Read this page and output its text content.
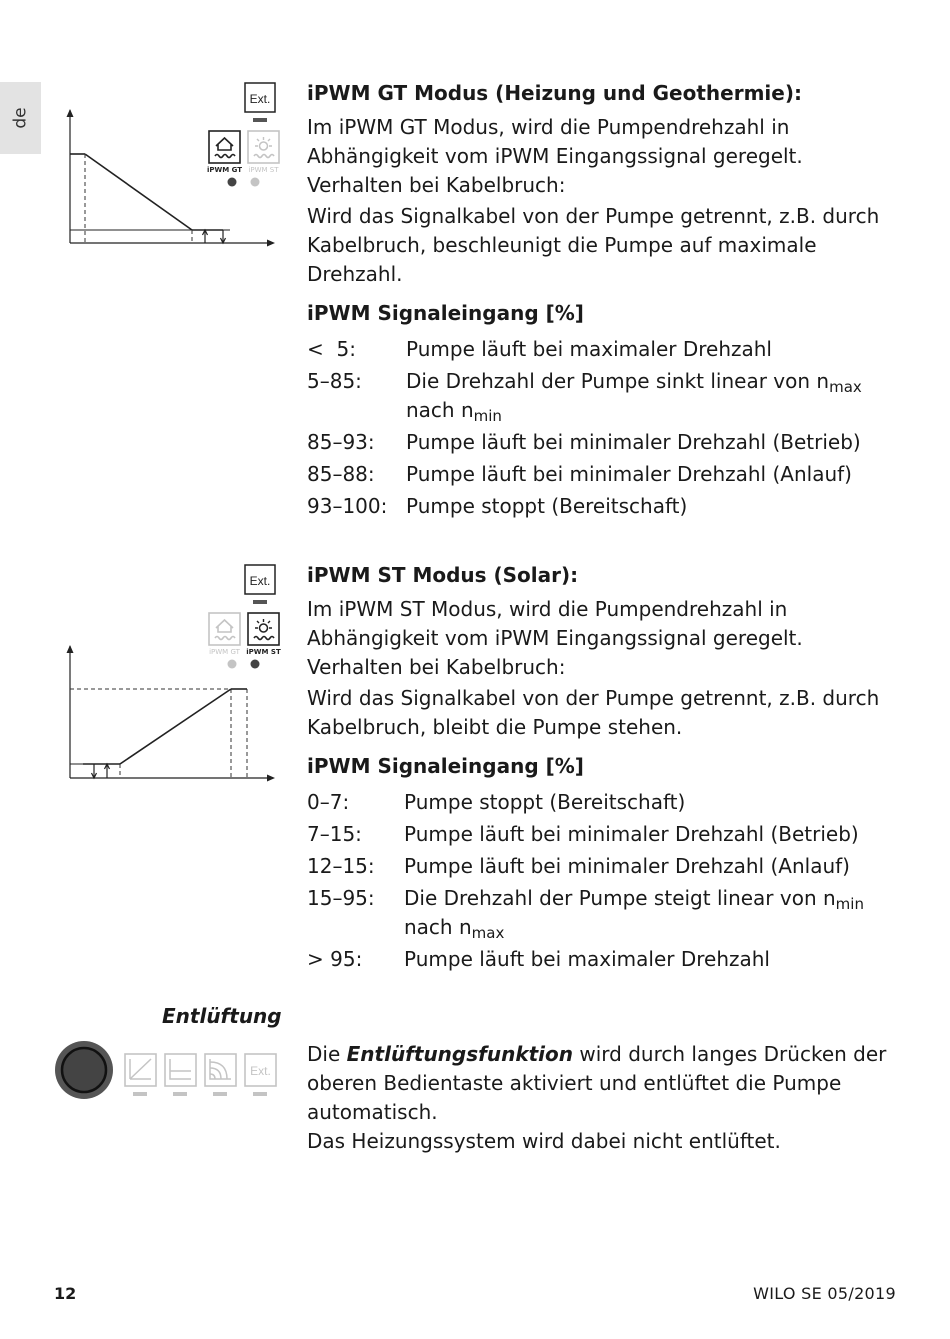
de
Ext.
iPWM GT iPWM ST

iPWM GT Modus (Heizung und Geothermie):

Im iPWM GT Modus, wird die Pumpendrehzahl in Abhängigkeit vom iPWM Eingangssignal geregelt.

Verhalten bei Kabelbruch:

Wird das Signalkabel von der Pumpe getrennt, z.B. durch Kabelbruch, beschleunigt die Pumpe auf maximale Drehzahl.

iPWM Signaleingang [%]

<  5:	Pumpe läuft bei maximaler Drehzahl
5–85:	Die Drehzahl der Pumpe sinkt linear von $n_{max}$
nach $n_{min}$
85–93:	Pumpe läuft bei minimaler Drehzahl (Betrieb)
85–88:	Pumpe läuft bei minimaler Drehzahl (Anlauf)
93–100: Pumpe stoppt (Bereitschaft)
Ext.
iPWM GT iPWM ST

iPWM ST Modus (Solar):

Im iPWM ST Modus, wird die Pumpendrehzahl in Abhängigkeit vom iPWM Eingangssignal geregelt.

Verhalten bei Kabelbruch:

Wird das Signalkabel von der Pumpe getrennt, z.B. durch Kabelbruch, bleibt die Pumpe stehen.

iPWM Signaleingang [%]

0–7:	Pumpe stoppt (Bereitschaft)
7–15:	Pumpe läuft bei minimaler Drehzahl (Betrieb)
12–15:	Pumpe läuft bei minimaler Drehzahl (Anlauf)
15–95:	Die Drehzahl der Pumpe steigt linear von $n_{min}$
nach $n_{max}$
> 95:	Pumpe läuft bei maximaler Drehzahl
Entlüftung
Ext.

Die Entlüftungsfunktion wird durch langes Drücken der oberen Bedientaste aktiviert und entlüftet die Pumpe automatisch.

Das Heizungssystem wird dabei nicht entlüftet.

12	WILO SE 05/2019
